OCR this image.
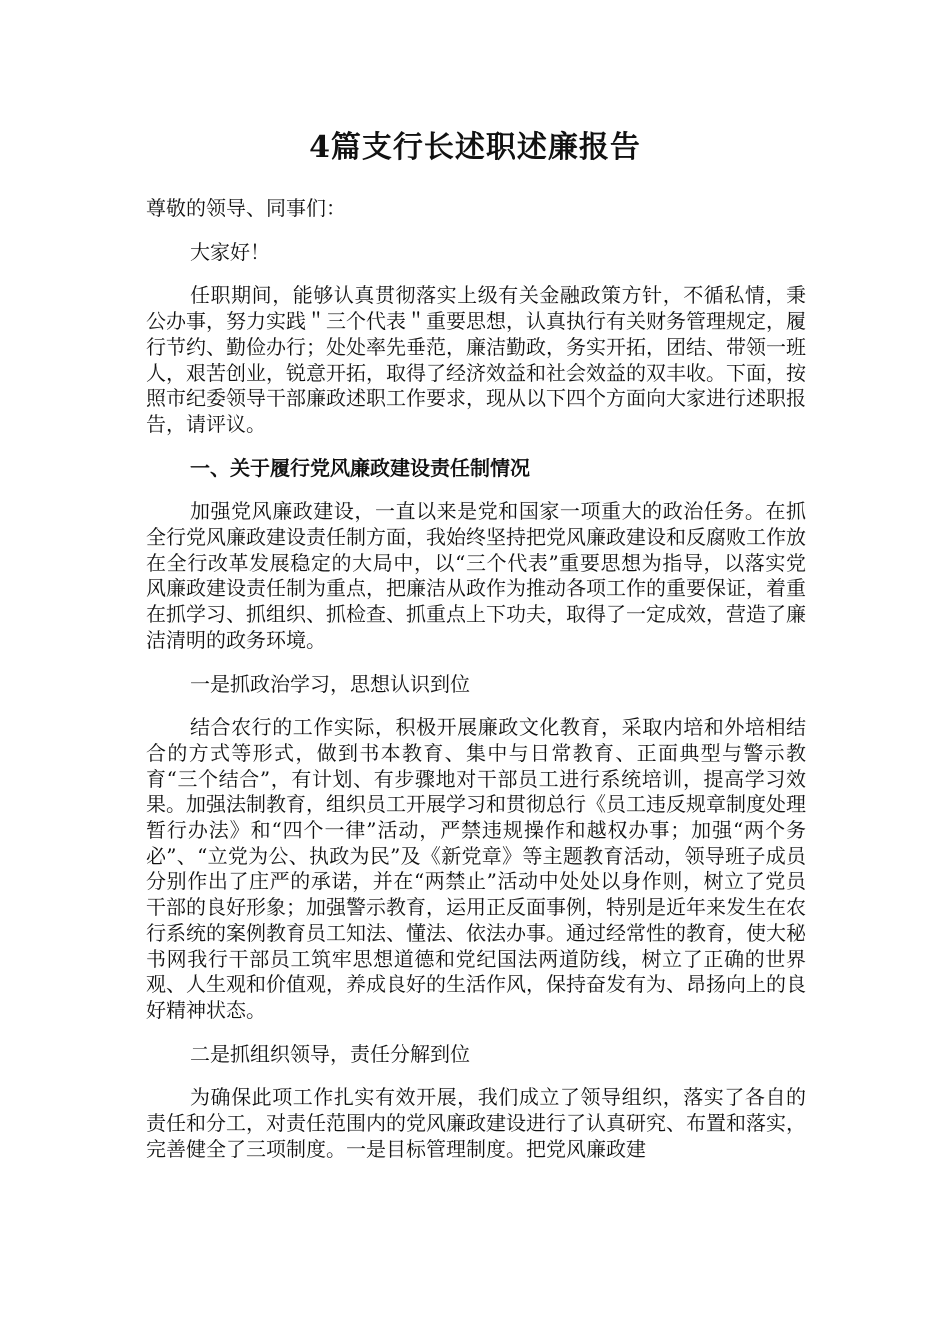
4篇支行长述职述廉报告

尊敬的领导、同事们：

大家好！

任职期间，能够认真贯彻落实上级有关金融政策方针，不循私情，秉公办事，努力实践＂三个代表＂重要思想，认真执行有关财务管理规定，履行节约、勤俭办行；处处率先垂范，廉洁勤政，务实开拓，团结、带领一班人，艰苦创业，锐意开拓，取得了经济效益和社会效益的双丰收。下面，按照市纪委领导干部廉政述职工作要求，现从以下四个方面向大家进行述职报告，请评议。

一、关于履行党风廉政建设责任制情况

加强党风廉政建设，一直以来是党和国家一项重大的政治任务。在抓全行党风廉政建设责任制方面，我始终坚持把党风廉政建设和反腐败工作放在全行改革发展稳定的大局中，以“三个代表”重要思想为指导，以落实党风廉政建设责任制为重点，把廉洁从政作为推动各项工作的重要保证，着重在抓学习、抓组织、抓检查、抓重点上下功夫，取得了一定成效，营造了廉洁清明的政务环境。

一是抓政治学习，思想认识到位

结合农行的工作实际，积极开展廉政文化教育，采取内培和外培相结合的方式等形式，做到书本教育、集中与日常教育、正面典型与警示教育“三个结合”，有计划、有步骤地对干部员工进行系统培训，提高学习效果。加强法制教育，组织员工开展学习和贯彻总行《员工违反规章制度处理暂行办法》和“四个一律”活动，严禁违规操作和越权办事；加强“两个务必”、“立党为公、执政为民”及《新党章》等主题教育活动，领导班子成员分别作出了庄严的承诺，并在“两禁止”活动中处处以身作则，树立了党员干部的良好形象；加强警示教育，运用正反面事例，特别是近年来发生在农行系统的案例教育员工知法、懂法、依法办事。通过经常性的教育，使大秘书网我行干部员工筑牢思想道德和党纪国法两道防线，树立了正确的世界观、人生观和价值观，养成良好的生活作风，保持奋发有为、昂扬向上的良好精神状态。

二是抓组织领导，责任分解到位

为确保此项工作扎实有效开展，我们成立了领导组织，落实了各自的责任和分工，对责任范围内的党风廉政建设进行了认真研究、布置和落实，完善健全了三项制度。一是目标管理制度。把党风廉政建
